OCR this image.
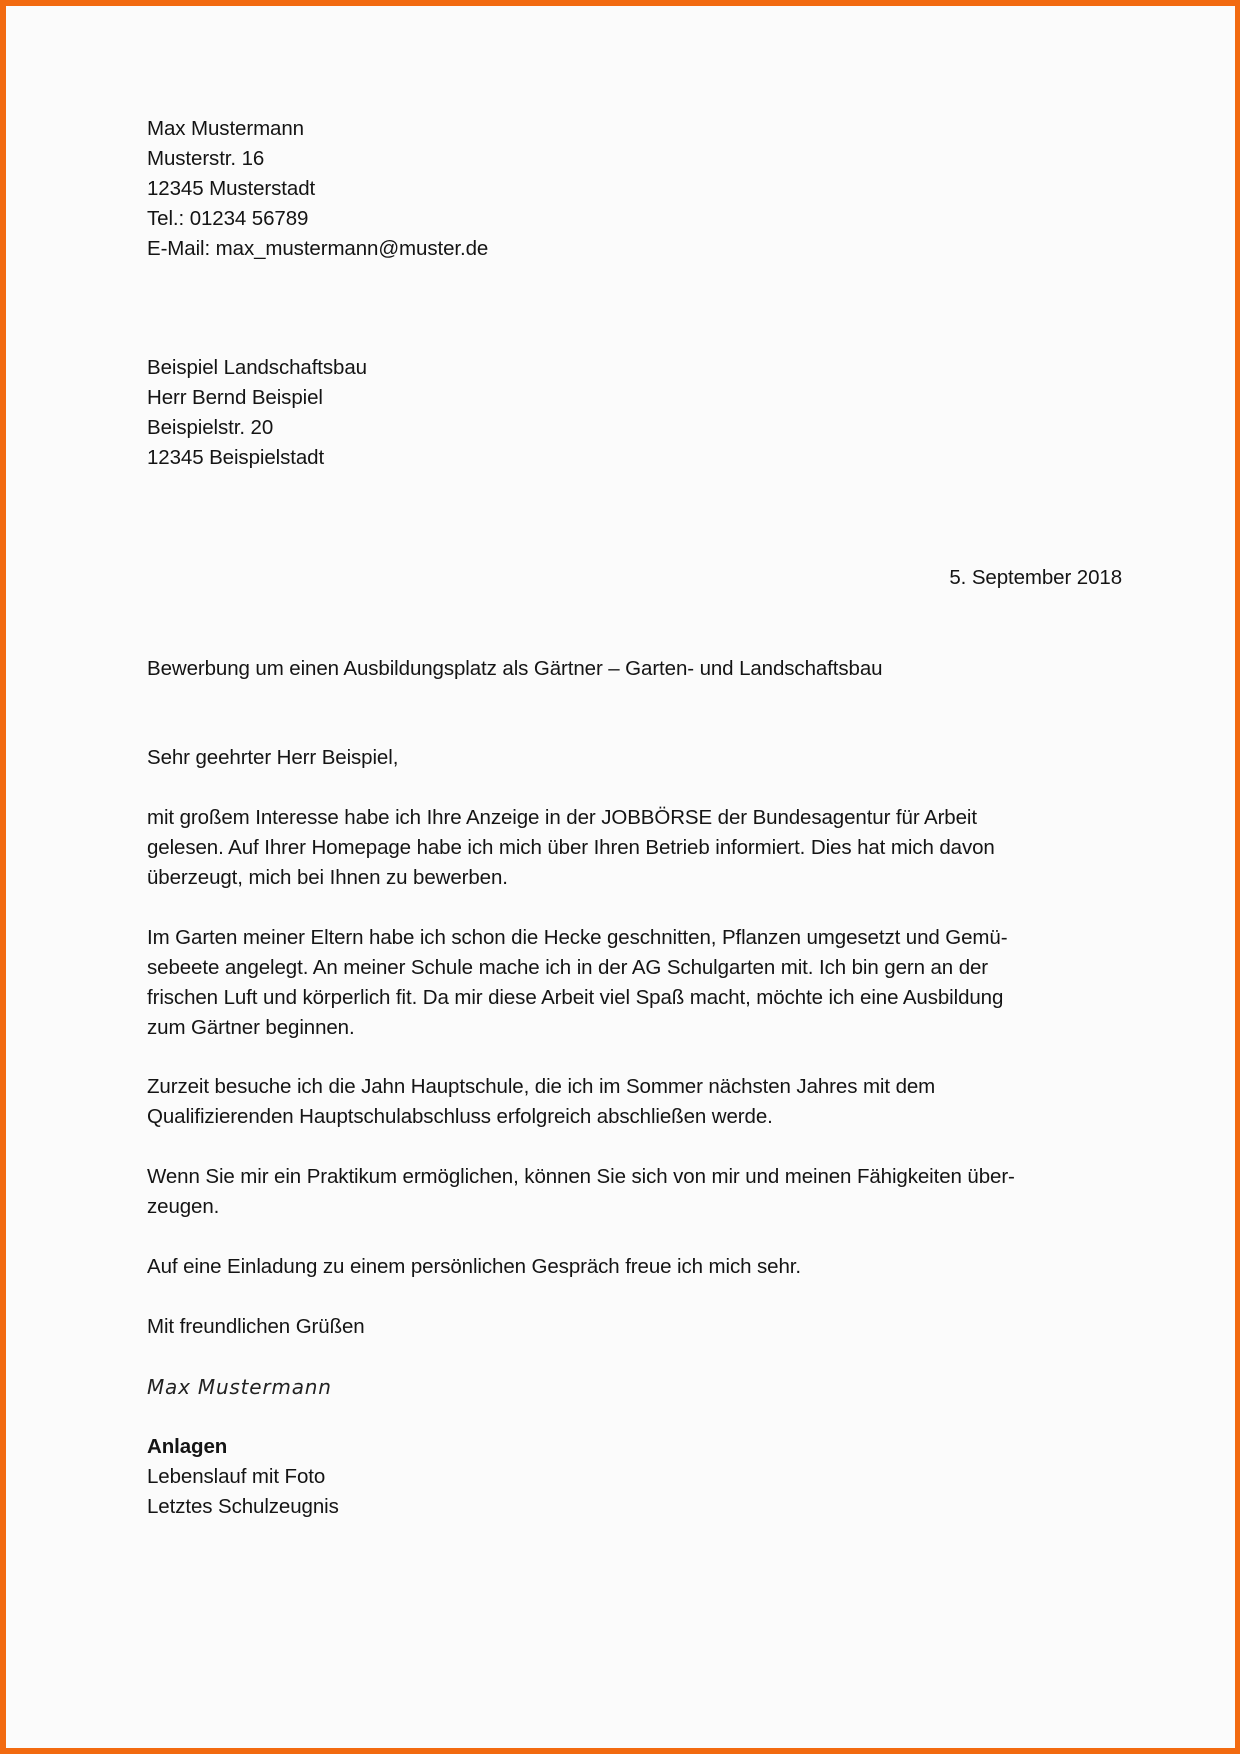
Max Mustermann
Musterstr. 16
12345 Musterstadt
Tel.: 01234 56789
E-Mail: max_mustermann@muster.de
Beispiel Landschaftsbau
Herr Bernd Beispiel
Beispielstr. 20
12345 Beispielstadt
5. September 2018
Bewerbung um einen Ausbildungsplatz als Gärtner – Garten- und Landschaftsbau
Sehr geehrter Herr Beispiel,
mit großem Interesse habe ich Ihre Anzeige in der JOBBÖRSE der Bundesagentur für Arbeit
gelesen. Auf Ihrer Homepage habe ich mich über Ihren Betrieb informiert. Dies hat mich davon
überzeugt, mich bei Ihnen zu bewerben.
Im Garten meiner Eltern habe ich schon die Hecke geschnitten, Pflanzen umgesetzt und Gemü-
sebeete angelegt. An meiner Schule mache ich in der AG Schulgarten mit. Ich bin gern an der
frischen Luft und körperlich fit. Da mir diese Arbeit viel Spaß macht, möchte ich eine Ausbildung
zum Gärtner beginnen.
Zurzeit besuche ich die Jahn Hauptschule, die ich im Sommer nächsten Jahres mit dem
Qualifizierenden Hauptschulabschluss erfolgreich abschließen werde.
Wenn Sie mir ein Praktikum ermöglichen, können Sie sich von mir und meinen Fähigkeiten über-
zeugen.
Auf eine Einladung zu einem persönlichen Gespräch freue ich mich sehr.
Mit freundlichen Grüßen
Max Mustermann
Anlagen
Lebenslauf mit Foto
Letztes Schulzeugnis
